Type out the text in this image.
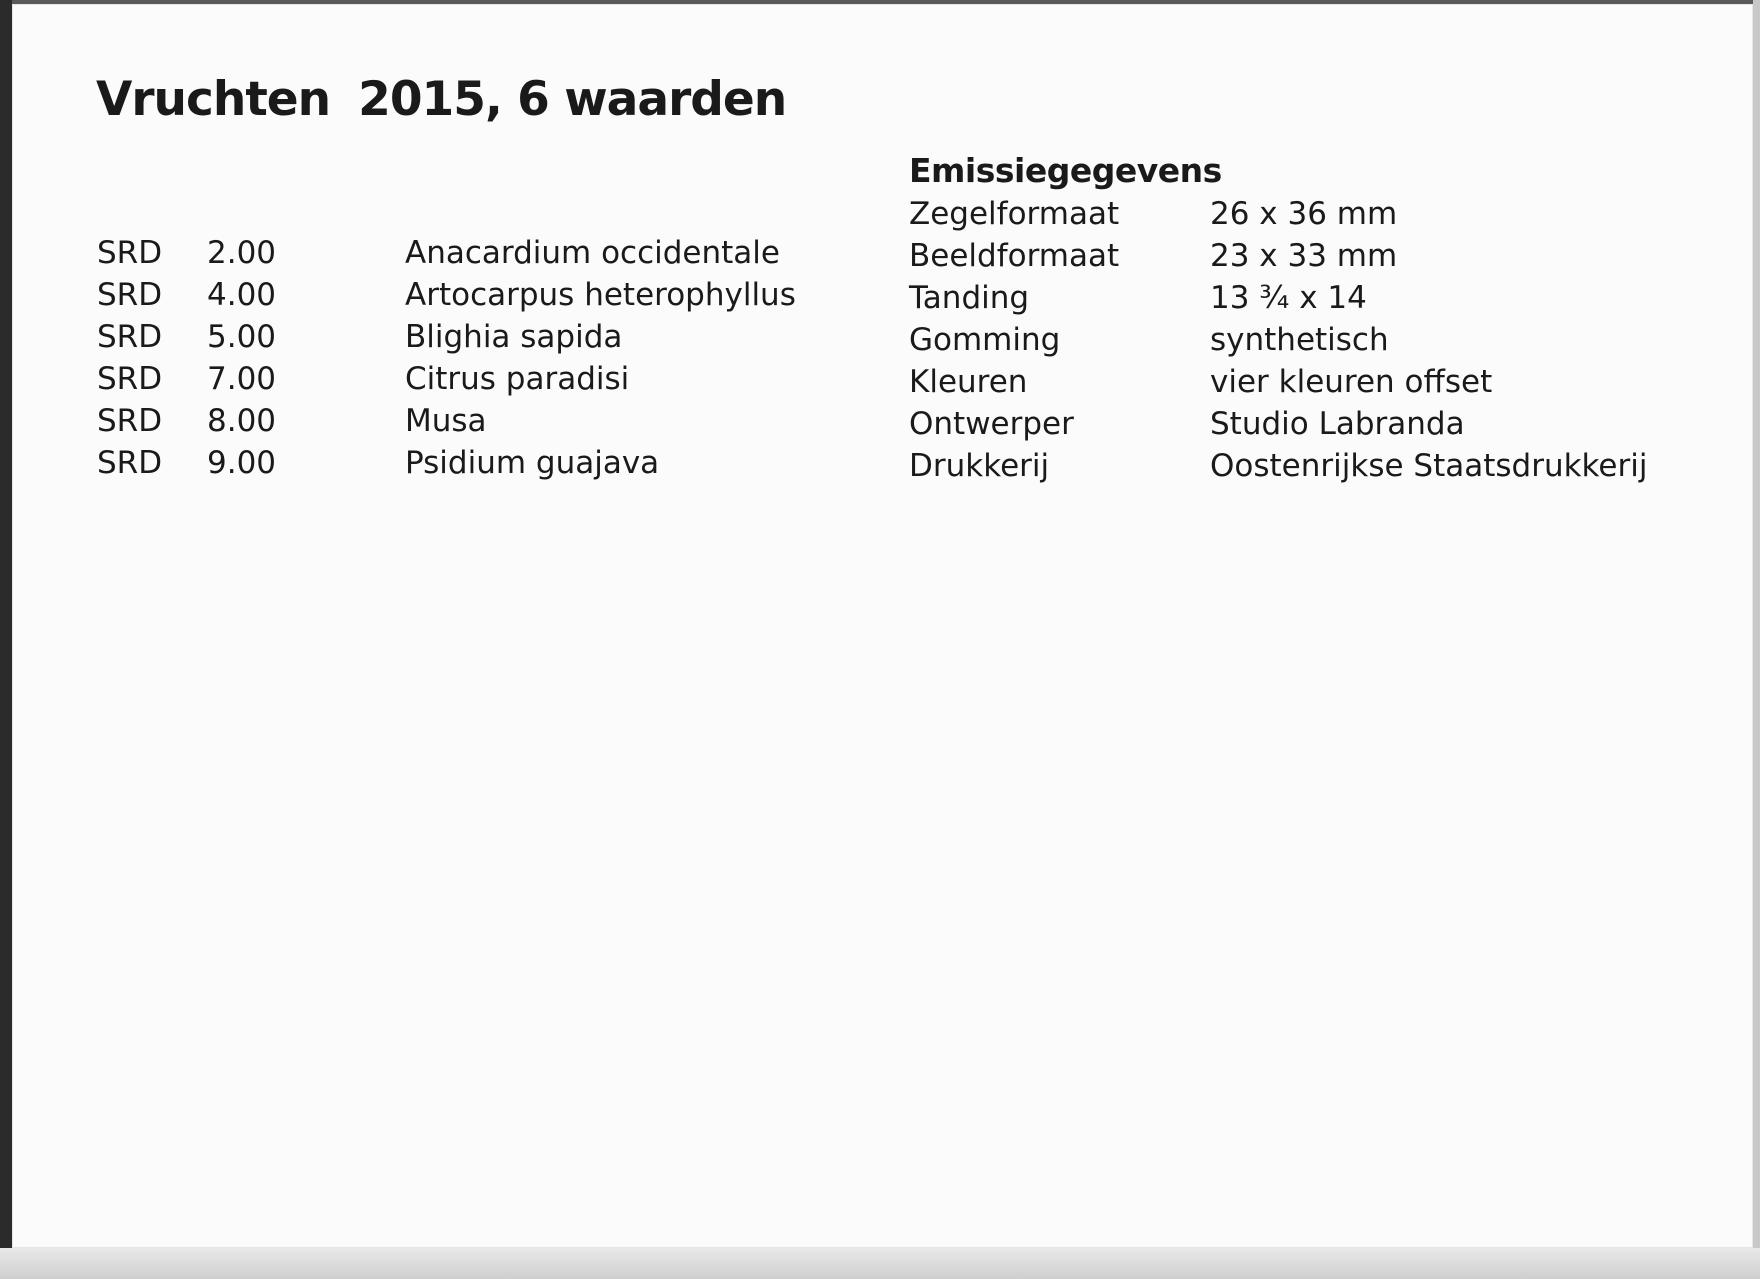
Vruchten 2015, 6 waarden
SRD 2.00	Anacardium occidentale
SRD 4.00	Artocarpus heterophyllus
SRD 5.00	Blighia sapida
SRD 7.00	Citrus paradisi
SRD 8.00	Musa
SRD 9.00	Psidium guajava
Emissiegegevens
Zegelformaat	26 x 36 mm
Beeldformaat	23 x 33 mm
Tanding	13 ¾ x 14
Gomming	synthetisch
Kleuren	vier kleuren offset
Ontwerper	Studio Labranda
Drukkerij	Oostenrijkse Staatsdrukkerij
